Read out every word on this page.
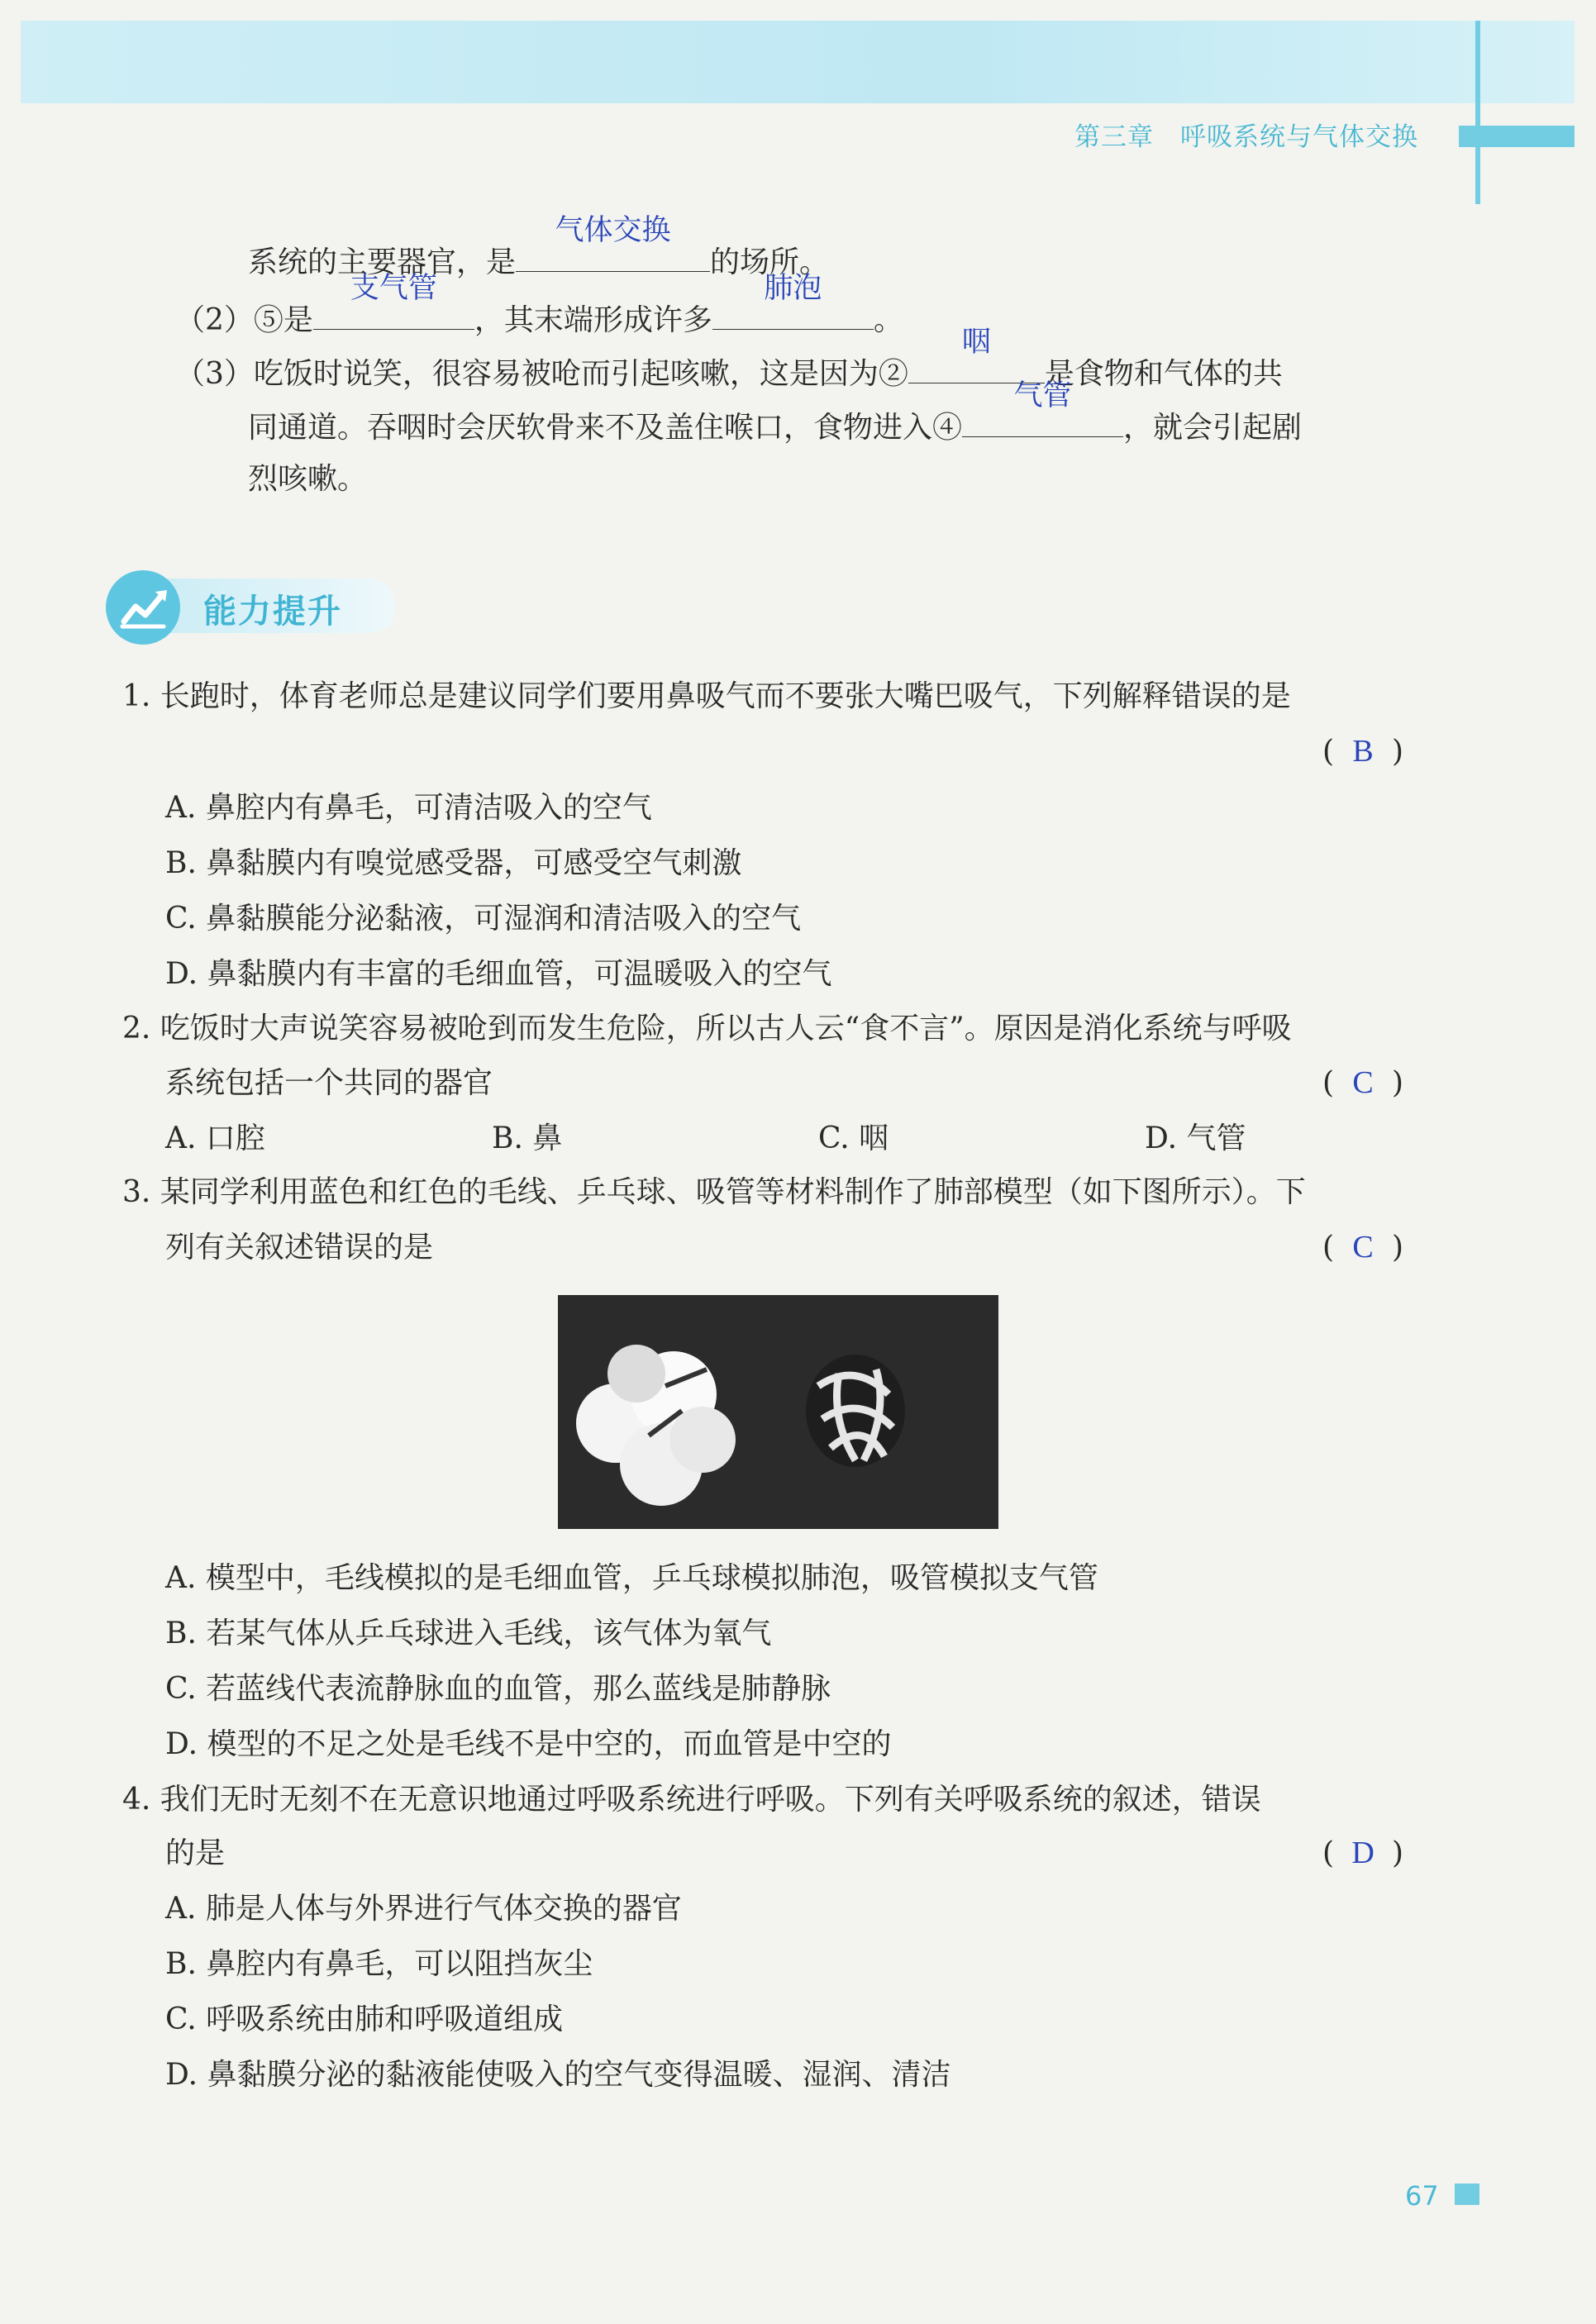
第三章　呼吸系统与气体交换
系统的主要器官，是
气体交换
的场所。
（2）⑤是
支气管
，其末端形成许多
肺泡
。
（3）吃饭时说笑，很容易被呛而引起咳嗽，这是因为②
咽
是食物和气体的共
同通道。吞咽时会厌软骨来不及盖住喉口，食物进入④
气管
，就会引起剧
烈咳嗽。
能力提升
1. 长跑时，体育老师总是建议同学们要用鼻吸气而不要张大嘴巴吸气，下列解释错误的是
( B )
A. 鼻腔内有鼻毛，可清洁吸入的空气
B. 鼻黏膜内有嗅觉感受器，可感受空气刺激
C. 鼻黏膜能分泌黏液，可湿润和清洁吸入的空气
D. 鼻黏膜内有丰富的毛细血管，可温暖吸入的空气
2. 吃饭时大声说笑容易被呛到而发生危险，所以古人云“食不言”。原因是消化系统与呼吸
系统包括一个共同的器官	( C )
A. 口腔	B. 鼻	C. 咽	D. 气管
3. 某同学利用蓝色和红色的毛线、乒乓球、吸管等材料制作了肺部模型（如下图所示）。下
列有关叙述错误的是	( C )
A. 模型中，毛线模拟的是毛细血管，乒乓球模拟肺泡，吸管模拟支气管
B. 若某气体从乒乓球进入毛线，该气体为氧气
C. 若蓝线代表流静脉血的血管，那么蓝线是肺静脉
D. 模型的不足之处是毛线不是中空的，而血管是中空的
4. 我们无时无刻不在无意识地通过呼吸系统进行呼吸。下列有关呼吸系统的叙述，错误
的是	( D )
A. 肺是人体与外界进行气体交换的器官
B. 鼻腔内有鼻毛，可以阻挡灰尘
C. 呼吸系统由肺和呼吸道组成
D. 鼻黏膜分泌的黏液能使吸入的空气变得温暖、湿润、清洁
67
